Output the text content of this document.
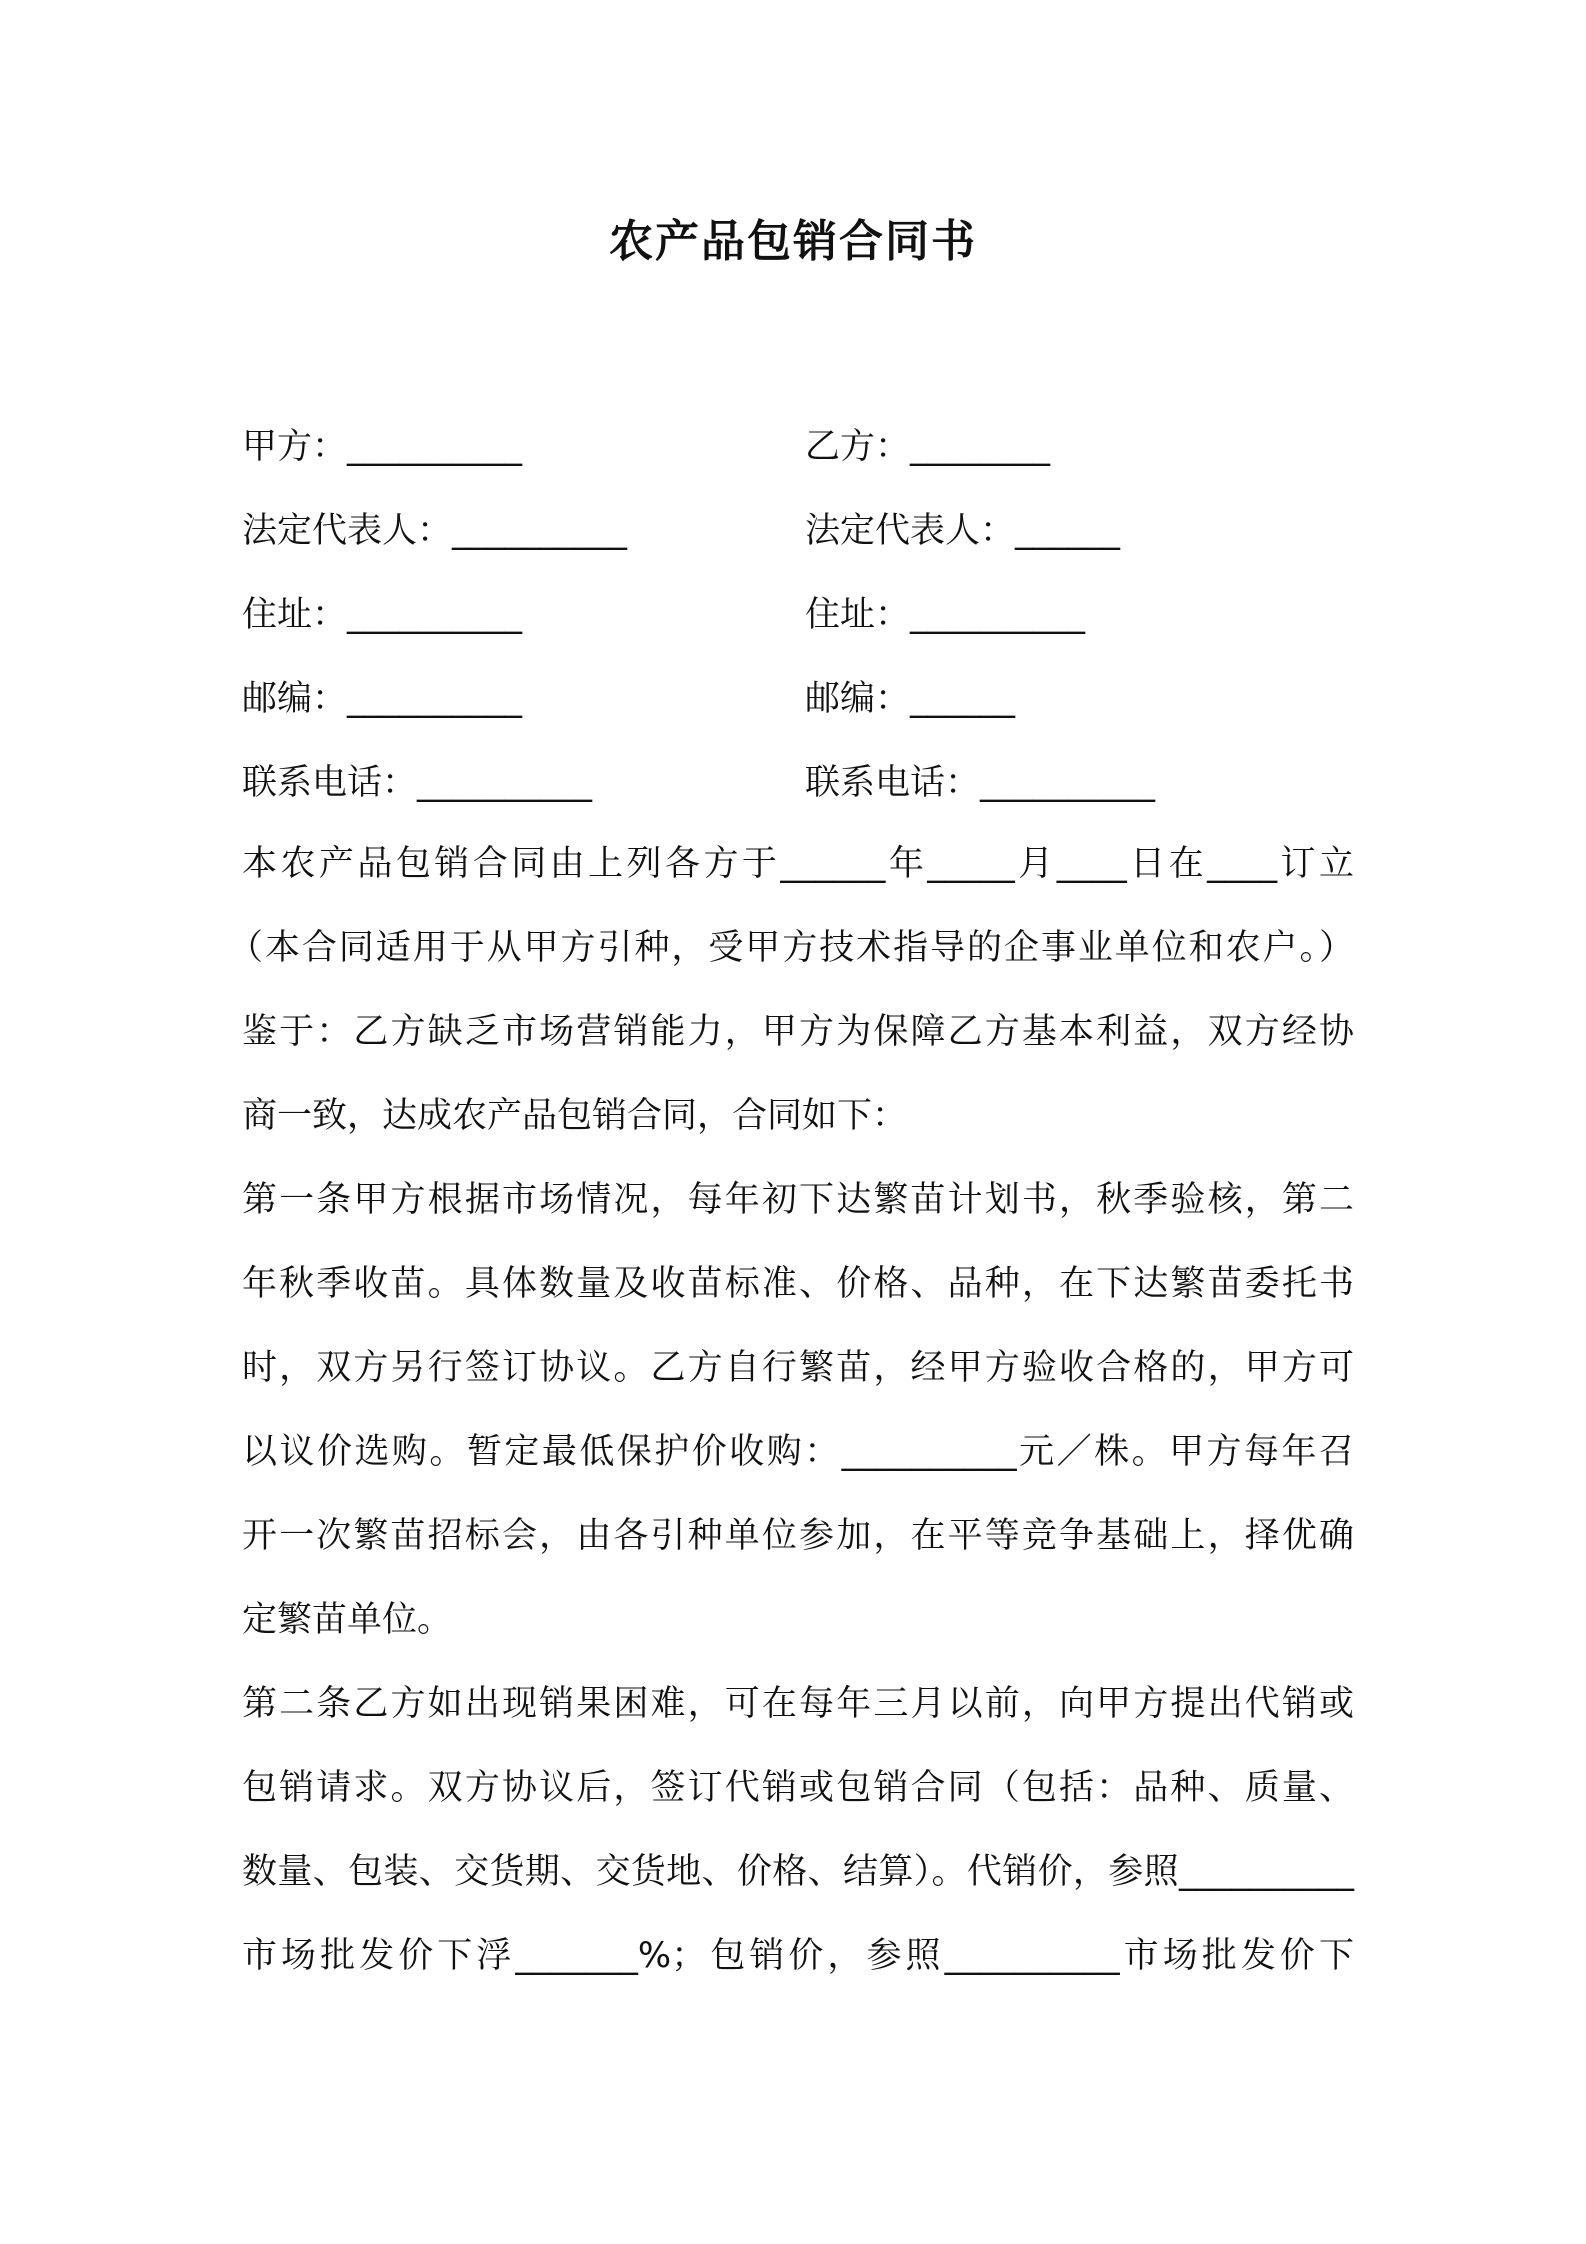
农产品包销合同书
甲方：__________	乙方：________
法定代表人：__________	法定代表人：______
住址：__________	住址：__________
邮编：__________	邮编：______
联系电话：__________	联系电话：__________
本农产品包销合同由上列各方于______年_____月____日在____订立
（本合同适用于从甲方引种，受甲方技术指导的企事业单位和农户。）
鉴于：乙方缺乏市场营销能力，甲方为保障乙方基本利益，双方经协
商一致，达成农产品包销合同，合同如下：
第一条甲方根据市场情况，每年初下达繁苗计划书，秋季验核，第二
年秋季收苗。具体数量及收苗标准、价格、品种，在下达繁苗委托书
时，双方另行签订协议。乙方自行繁苗，经甲方验收合格的，甲方可
以议价选购。暂定最低保护价收购：__________元／株。甲方每年召
开一次繁苗招标会，由各引种单位参加，在平等竞争基础上，择优确
定繁苗单位。
第二条乙方如出现销果困难，可在每年三月以前，向甲方提出代销或
包销请求。双方协议后，签订代销或包销合同（包括：品种、质量、
数量、包装、交货期、交货地、价格、结算）。代销价，参照__________
市场批发价下浮_______%；包销价，参照__________市场批发价下
